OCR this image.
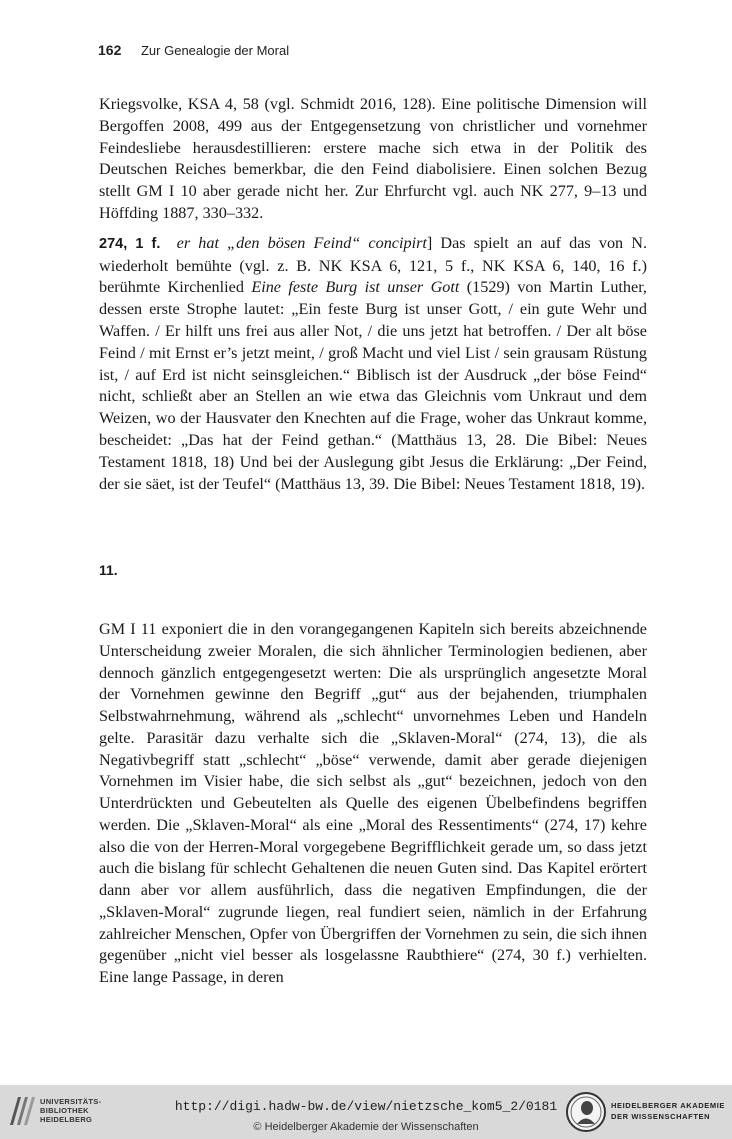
162 Zur Genealogie der Moral

Kriegsvolke, KSA 4, 58 (vgl. Schmidt 2016, 128). Eine politische Dimension will Bergoffen 2008, 499 aus der Entgegensetzung von christlicher und vornehmer Feindesliebe herausdestillieren: erstere mache sich etwa in der Politik des Deutschen Reiches bemerkbar, die den Feind diabolisiere. Einen solchen Bezug stellt GM I 10 aber gerade nicht her. Zur Ehrfurcht vgl. auch NK 277, 9–13 und Höffding 1887, 330–332.

274, 1 f. er hat „den bösen Feind“ concipirt] Das spielt an auf das von N. wiederholt bemühte (vgl. z. B. NK KSA 6, 121, 5 f., NK KSA 6, 140, 16 f.) berühmte Kirchenlied Eine feste Burg ist unser Gott (1529) von Martin Luther, dessen erste Strophe lautet: „Ein feste Burg ist unser Gott, / ein gute Wehr und Waffen. / Er hilft uns frei aus aller Not, / die uns jetzt hat betroffen. / Der alt böse Feind / mit Ernst er’s jetzt meint, / groß Macht und viel List / sein grausam Rüstung ist, / auf Erd ist nicht seinsgleichen.“ Biblisch ist der Ausdruck „der böse Feind“ nicht, schließt aber an Stellen an wie etwa das Gleichnis vom Unkraut und dem Weizen, wo der Hausvater den Knechten auf die Frage, woher das Unkraut komme, bescheidet: „Das hat der Feind gethan.“ (Matthäus 13, 28. Die Bibel: Neues Testament 1818, 18) Und bei der Auslegung gibt Jesus die Erklärung: „Der Feind, der sie säet, ist der Teufel“ (Matthäus 13, 39. Die Bibel: Neues Testament 1818, 19).

11.

GM I 11 exponiert die in den vorangegangenen Kapiteln sich bereits abzeichnende Unterscheidung zweier Moralen, die sich ähnlicher Terminologien bedienen, aber dennoch gänzlich entgegengesetzt werten: Die als ursprünglich angesetzte Moral der Vornehmen gewinne den Begriff „gut“ aus der bejahenden, triumphalen Selbstwahrnehmung, während als „schlecht“ unvornehmes Leben und Handeln gelte. Parasitär dazu verhalte sich die „Sklaven-Moral“ (274, 13), die als Negativbegriff statt „schlecht“ „böse“ verwende, damit aber gerade diejenigen Vornehmen im Visier habe, die sich selbst als „gut“ bezeichnen, jedoch von den Unterdrückten und Gebeutelten als Quelle des eigenen Übelbefindens begriffen werden. Die „Sklaven-Moral“ als eine „Moral des Ressentiments“ (274, 17) kehre also die von der Herren-Moral vorgegebene Begrifflichkeit gerade um, so dass jetzt auch die bislang für schlecht Gehaltenen die neuen Guten sind. Das Kapitel erörtert dann aber vor allem ausführlich, dass die negativen Empfindungen, die der „Sklaven-Moral“ zugrunde liegen, real fundiert seien, nämlich in der Erfahrung zahlreicher Menschen, Opfer von Übergriffen der Vornehmen zu sein, die sich ihnen gegenüber „nicht viel besser als losgelassne Raubthiere“ (274, 30 f.) verhielten. Eine lange Passage, in deren

UNIVERSITÄTS-
BIBLIOTHEK
HEIDELBERG
http://digi.hadw-bw.de/view/nietzsche_kom5_2/0181
© Heidelberger Akademie der Wissenschaften
HEIDELBERGER AKADEMIE
DER WISSENSCHAFTEN
